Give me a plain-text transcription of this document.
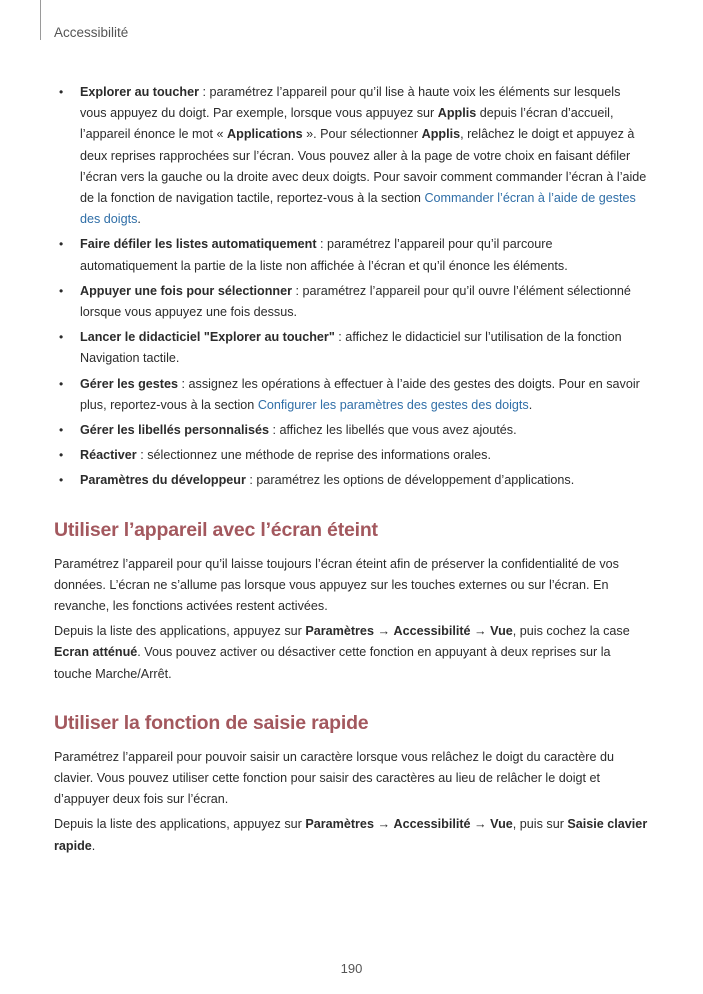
Accessibilité
• Explorer au toucher : paramétrez l’appareil pour qu’il lise à haute voix les éléments sur lesquels vous appuyez du doigt. Par exemple, lorsque vous appuyez sur Applis depuis l’écran d’accueil, l’appareil énonce le mot « Applications ». Pour sélectionner Applis, relâchez le doigt et appuyez à deux reprises rapprochées sur l’écran. Vous pouvez aller à la page de votre choix en faisant défiler l’écran vers la gauche ou la droite avec deux doigts. Pour savoir comment commander l’écran à l’aide de la fonction de navigation tactile, reportez-vous à la section Commander l’écran à l’aide de gestes des doigts.
• Faire défiler les listes automatiquement : paramétrez l’appareil pour qu’il parcoure automatiquement la partie de la liste non affichée à l’écran et qu’il énonce les éléments.
• Appuyer une fois pour sélectionner : paramétrez l’appareil pour qu’il ouvre l’élément sélectionné lorsque vous appuyez une fois dessus.
• Lancer le didacticiel "Explorer au toucher" : affichez le didacticiel sur l’utilisation de la fonction Navigation tactile.
• Gérer les gestes : assignez les opérations à effectuer à l’aide des gestes des doigts. Pour en savoir plus, reportez-vous à la section Configurer les paramètres des gestes des doigts.
• Gérer les libellés personnalisés : affichez les libellés que vous avez ajoutés.
• Réactiver : sélectionnez une méthode de reprise des informations orales.
• Paramètres du développeur : paramétrez les options de développement d’applications.
Utiliser l’appareil avec l’écran éteint

Paramétrez l’appareil pour qu’il laisse toujours l’écran éteint afin de préserver la confidentialité de vos données. L’écran ne s’allume pas lorsque vous appuyez sur les touches externes ou sur l’écran. En revanche, les fonctions activées restent activées.

Depuis la liste des applications, appuyez sur Paramètres → Accessibilité → Vue, puis cochez la case Ecran atténué. Vous pouvez activer ou désactiver cette fonction en appuyant à deux reprises sur la touche Marche/Arrêt.

Utiliser la fonction de saisie rapide

Paramétrez l’appareil pour pouvoir saisir un caractère lorsque vous relâchez le doigt du caractère du clavier. Vous pouvez utiliser cette fonction pour saisir des caractères au lieu de relâcher le doigt et d’appuyer deux fois sur l’écran.

Depuis la liste des applications, appuyez sur Paramètres → Accessibilité → Vue, puis sur Saisie clavier rapide.

190
